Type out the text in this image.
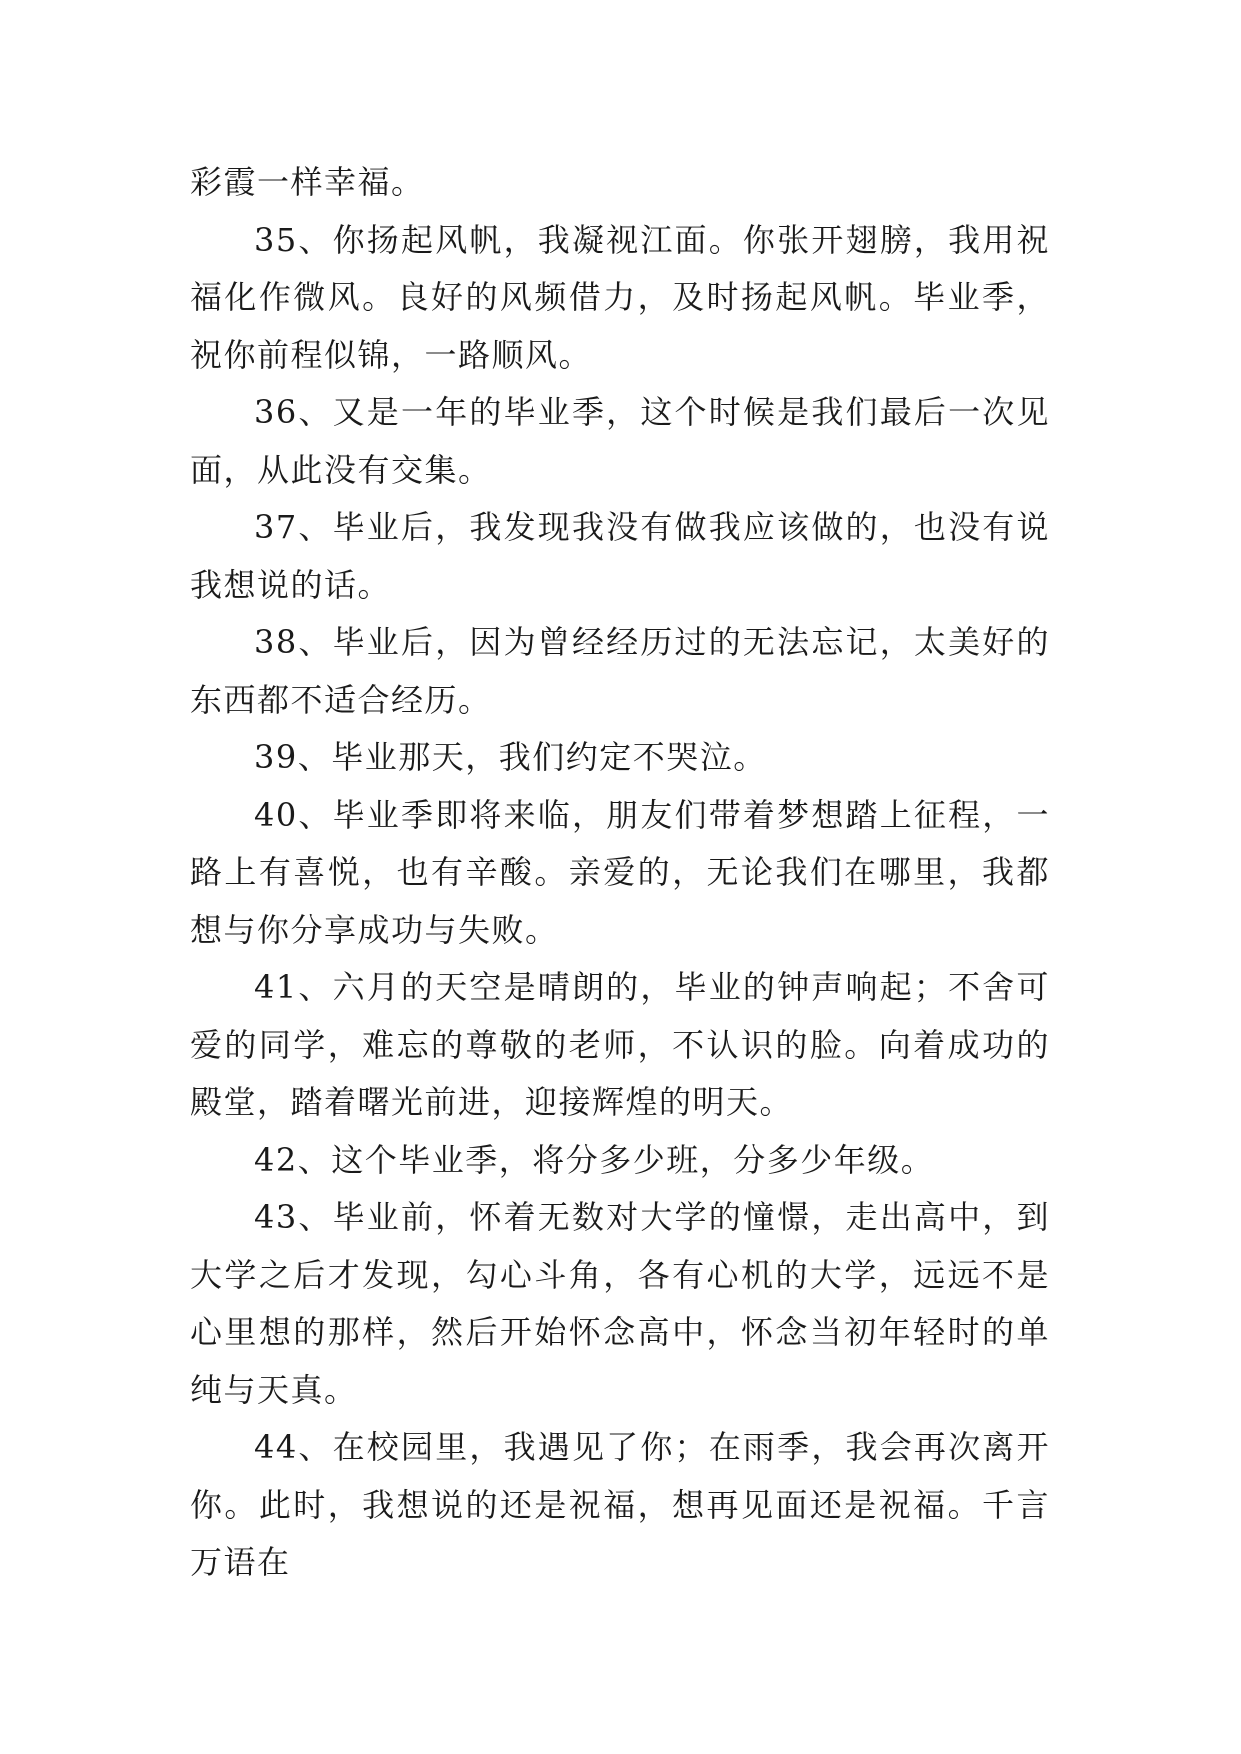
彩霞一样幸福。

35、你扬起风帆，我凝视江面。你张开翅膀，我用祝福化作微风。良好的风频借力，及时扬起风帆。毕业季，祝你前程似锦，一路顺风。

36、又是一年的毕业季，这个时候是我们最后一次见面，从此没有交集。

37、毕业后，我发现我没有做我应该做的，也没有说我想说的话。

38、毕业后，因为曾经经历过的无法忘记，太美好的东西都不适合经历。

39、毕业那天，我们约定不哭泣。

40、毕业季即将来临，朋友们带着梦想踏上征程，一路上有喜悦，也有辛酸。亲爱的，无论我们在哪里，我都想与你分享成功与失败。

41、六月的天空是晴朗的，毕业的钟声响起；不舍可爱的同学，难忘的尊敬的老师，不认识的脸。向着成功的殿堂，踏着曙光前进，迎接辉煌的明天。

42、这个毕业季，将分多少班，分多少年级。

43、毕业前，怀着无数对大学的憧憬，走出高中，到大学之后才发现，勾心斗角，各有心机的大学，远远不是心里想的那样，然后开始怀念高中，怀念当初年轻时的单纯与天真。

44、在校园里，我遇见了你；在雨季，我会再次离开你。此时，我想说的还是祝福，想再见面还是祝福。千言万语在
